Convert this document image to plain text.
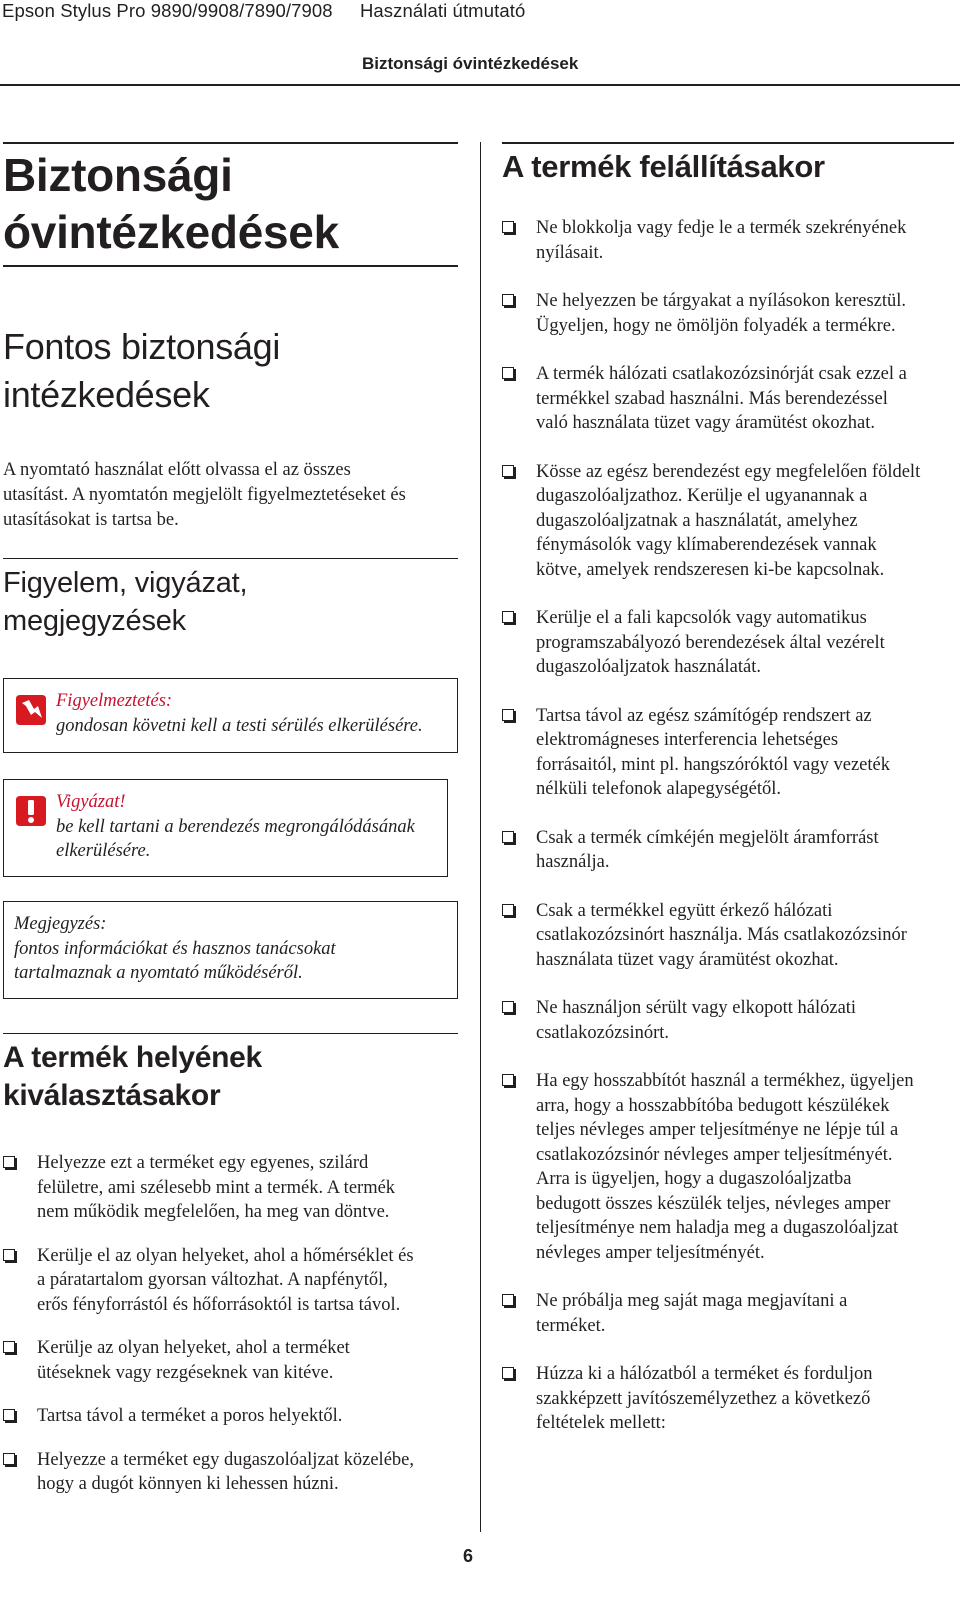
Epson Stylus Pro 9890/9908/7890/7908 Használati útmutató
Biztonsági óvintézkedések
Biztonsági
óvintézkedések
Fontos biztonsági
intézkedések
A nyomtató használat előtt olvassa el az összes
utasítást. A nyomtatón megjelölt figyelmeztetéseket és
utasításokat is tartsa be.
Figyelem, vigyázat,
megjegyzések
Figyelmeztetés:
gondosan követni kell a testi sérülés elkerülésére.
Vigyázat!
be kell tartani a berendezés megrongálódásának
elkerülésére.
Megjegyzés:
fontos információkat és hasznos tanácsokat
tartalmaznak a nyomtató működéséről.
A termék helyének
kiválasztásakor
Helyezze ezt a terméket egy egyenes, szilárd
felületre, ami szélesebb mint a termék. A termék
nem működik megfelelően, ha meg van döntve.
Kerülje el az olyan helyeket, ahol a hőmérséklet és
a páratartalom gyorsan változhat. A napfénytől,
erős fényforrástól és hőforrásoktól is tartsa távol.
Kerülje az olyan helyeket, ahol a terméket
ütéseknek vagy rezgéseknek van kitéve.
Tartsa távol a terméket a poros helyektől.
Helyezze a terméket egy dugaszolóaljzat közelébe,
hogy a dugót könnyen ki lehessen húzni.
A termék felállításakor
Ne blokkolja vagy fedje le a termék szekrényének
nyílásait.
Ne helyezzen be tárgyakat a nyílásokon keresztül.
Ügyeljen, hogy ne ömöljön folyadék a termékre.
A termék hálózati csatlakozózsinórját csak ezzel a
termékkel szabad használni. Más berendezéssel
való használata tüzet vagy áramütést okozhat.
Kösse az egész berendezést egy megfelelően földelt
dugaszolóaljzathoz. Kerülje el ugyanannak a
dugaszolóaljzatnak a használatát, amelyhez
fénymásolók vagy klímaberendezések vannak
kötve, amelyek rendszeresen ki-be kapcsolnak.
Kerülje el a fali kapcsolók vagy automatikus
programszabályozó berendezések által vezérelt
dugaszolóaljzatok használatát.
Tartsa távol az egész számítógép rendszert az
elektromágneses interferencia lehetséges
forrásaitól, mint pl. hangszóróktól vagy vezeték
nélküli telefonok alapegységétől.
Csak a termék címkéjén megjelölt áramforrást
használja.
Csak a termékkel együtt érkező hálózati
csatlakozózsinórt használja. Más csatlakozózsinór
használata tüzet vagy áramütést okozhat.
Ne használjon sérült vagy elkopott hálózati
csatlakozózsinórt.
Ha egy hosszabbítót használ a termékhez, ügyeljen
arra, hogy a hosszabbítóba bedugott készülékek
teljes névleges amper teljesítménye ne lépje túl a
csatlakozózsinór névleges amper teljesítményét.
Arra is ügyeljen, hogy a dugaszolóaljzatba
bedugott összes készülék teljes, névleges amper
teljesítménye nem haladja meg a dugaszolóaljzat
névleges amper teljesítményét.
Ne próbálja meg saját maga megjavítani a
terméket.
Húzza ki a hálózatból a terméket és forduljon
szakképzett javítószemélyzethez a következő
feltételek mellett:
6
